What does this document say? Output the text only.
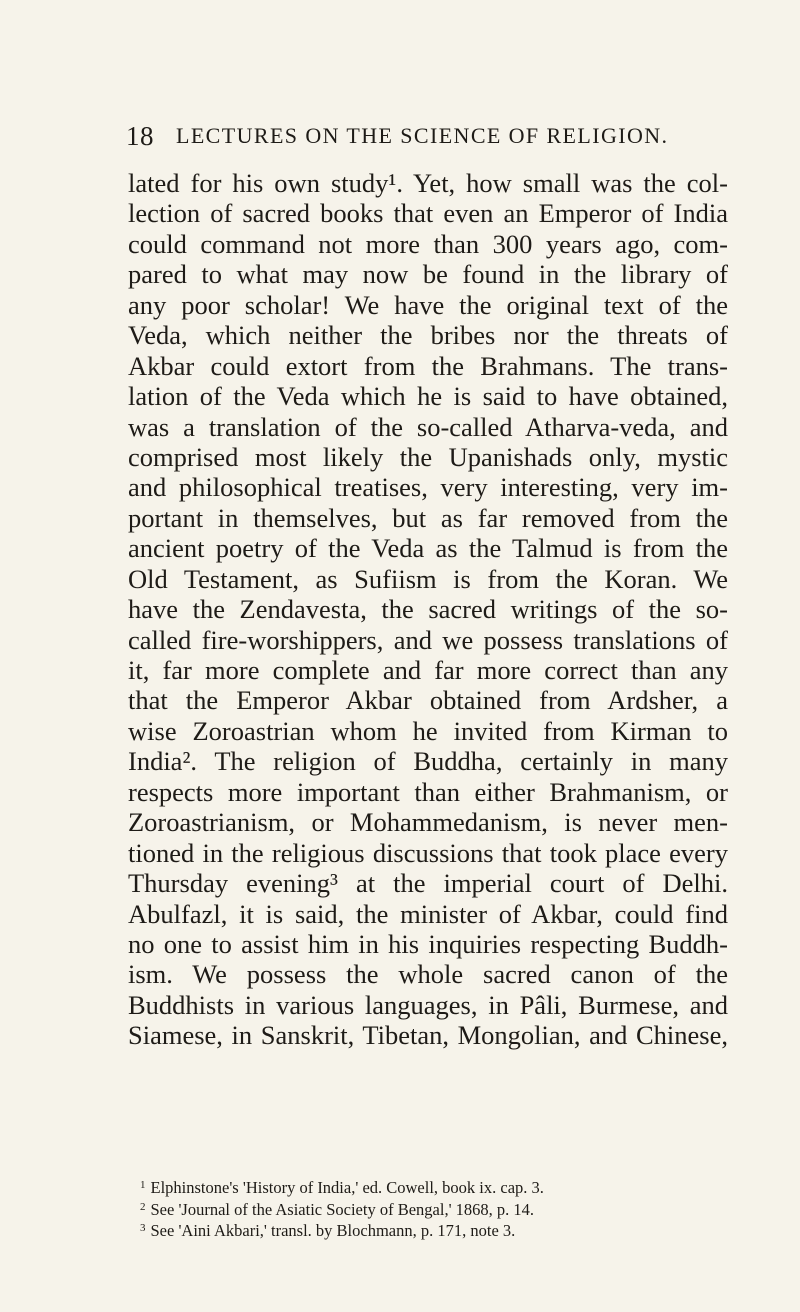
18 LECTURES ON THE SCIENCE OF RELIGION.
lated for his own study¹. Yet, how small was the col-
lection of sacred books that even an Emperor of India
could command not more than 300 years ago, com-
pared to what may now be found in the library of
any poor scholar! We have the original text of the
Veda, which neither the bribes nor the threats of
Akbar could extort from the Brahmans. The trans-
lation of the Veda which he is said to have obtained,
was a translation of the so-called Atharva-veda, and
comprised most likely the Upanishads only, mystic
and philosophical treatises, very interesting, very im-
portant in themselves, but as far removed from the
ancient poetry of the Veda as the Talmud is from the
Old Testament, as Sufiism is from the Koran. We
have the Zendavesta, the sacred writings of the so-
called fire-worshippers, and we possess translations of
it, far more complete and far more correct than any
that the Emperor Akbar obtained from Ardsher, a
wise Zoroastrian whom he invited from Kirman to
India². The religion of Buddha, certainly in many
respects more important than either Brahmanism, or
Zoroastrianism, or Mohammedanism, is never men-
tioned in the religious discussions that took place every
Thursday evening³ at the imperial court of Delhi.
Abulfazl, it is said, the minister of Akbar, could find
no one to assist him in his inquiries respecting Buddh-
ism. We possess the whole sacred canon of the
Buddhists in various languages, in Pâli, Burmese, and
Siamese, in Sanskrit, Tibetan, Mongolian, and Chinese,
$^1$ Elphinstone's 'History of India,' ed. Cowell, book ix. cap. 3.
$^2$ See 'Journal of the Asiatic Society of Bengal,' 1868, p. 14.
$^3$ See 'Aini Akbari,' transl. by Blochmann, p. 171, note 3.
